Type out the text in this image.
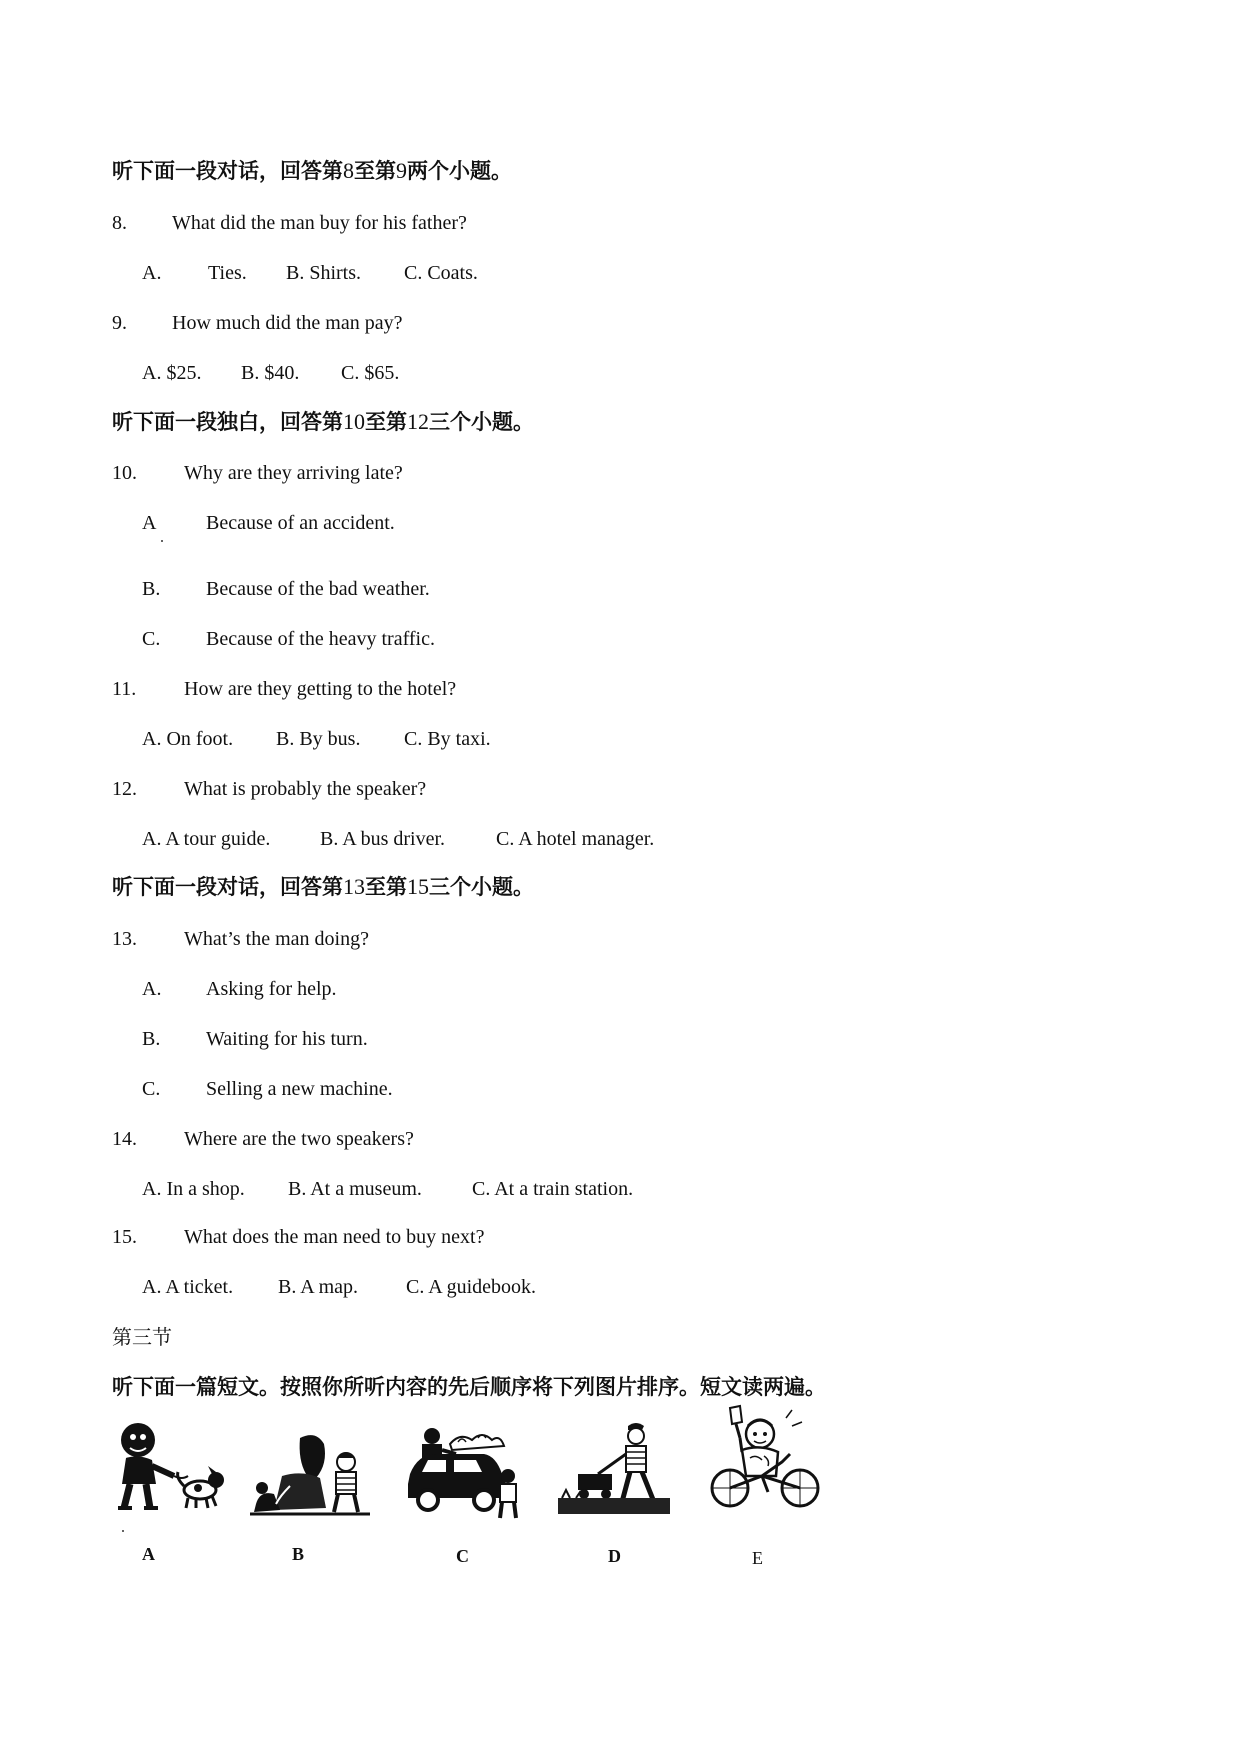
听下面一段对话，回答第8至第9两个小题。
8. What did the man buy for his father?
A. Ties. B. Shirts. C. Coats.
9. How much did the man pay?
A. $25. B. $40. C. $65.
听下面一段独白，回答第10至第12三个小题。
10. Why are they arriving late?
A Because of an accident.
B. Because of the bad weather.
C. Because of the heavy traffic.
11. How are they getting to the hotel?
A. On foot. B. By bus. C. By taxi.
12. What is probably the speaker?
A. A tour guide. B. A bus driver.	C. A hotel manager.
听下面一段对话，回答第13至第15三个小题。
13. What’s the man doing?
A. Asking for help.
B. Waiting for his turn.
C. Selling a new machine.
14. Where are the two speakers?
A. In a shop. B. At a museum.	C. At a train station.
15. What does the man need to buy next?
A. A ticket. B. A map. C. A guidebook.
第三节
听下面一篇短文。按照你所听内容的先后顺序将下列图片排序。短文读两遍。
A	B	C	D	E
